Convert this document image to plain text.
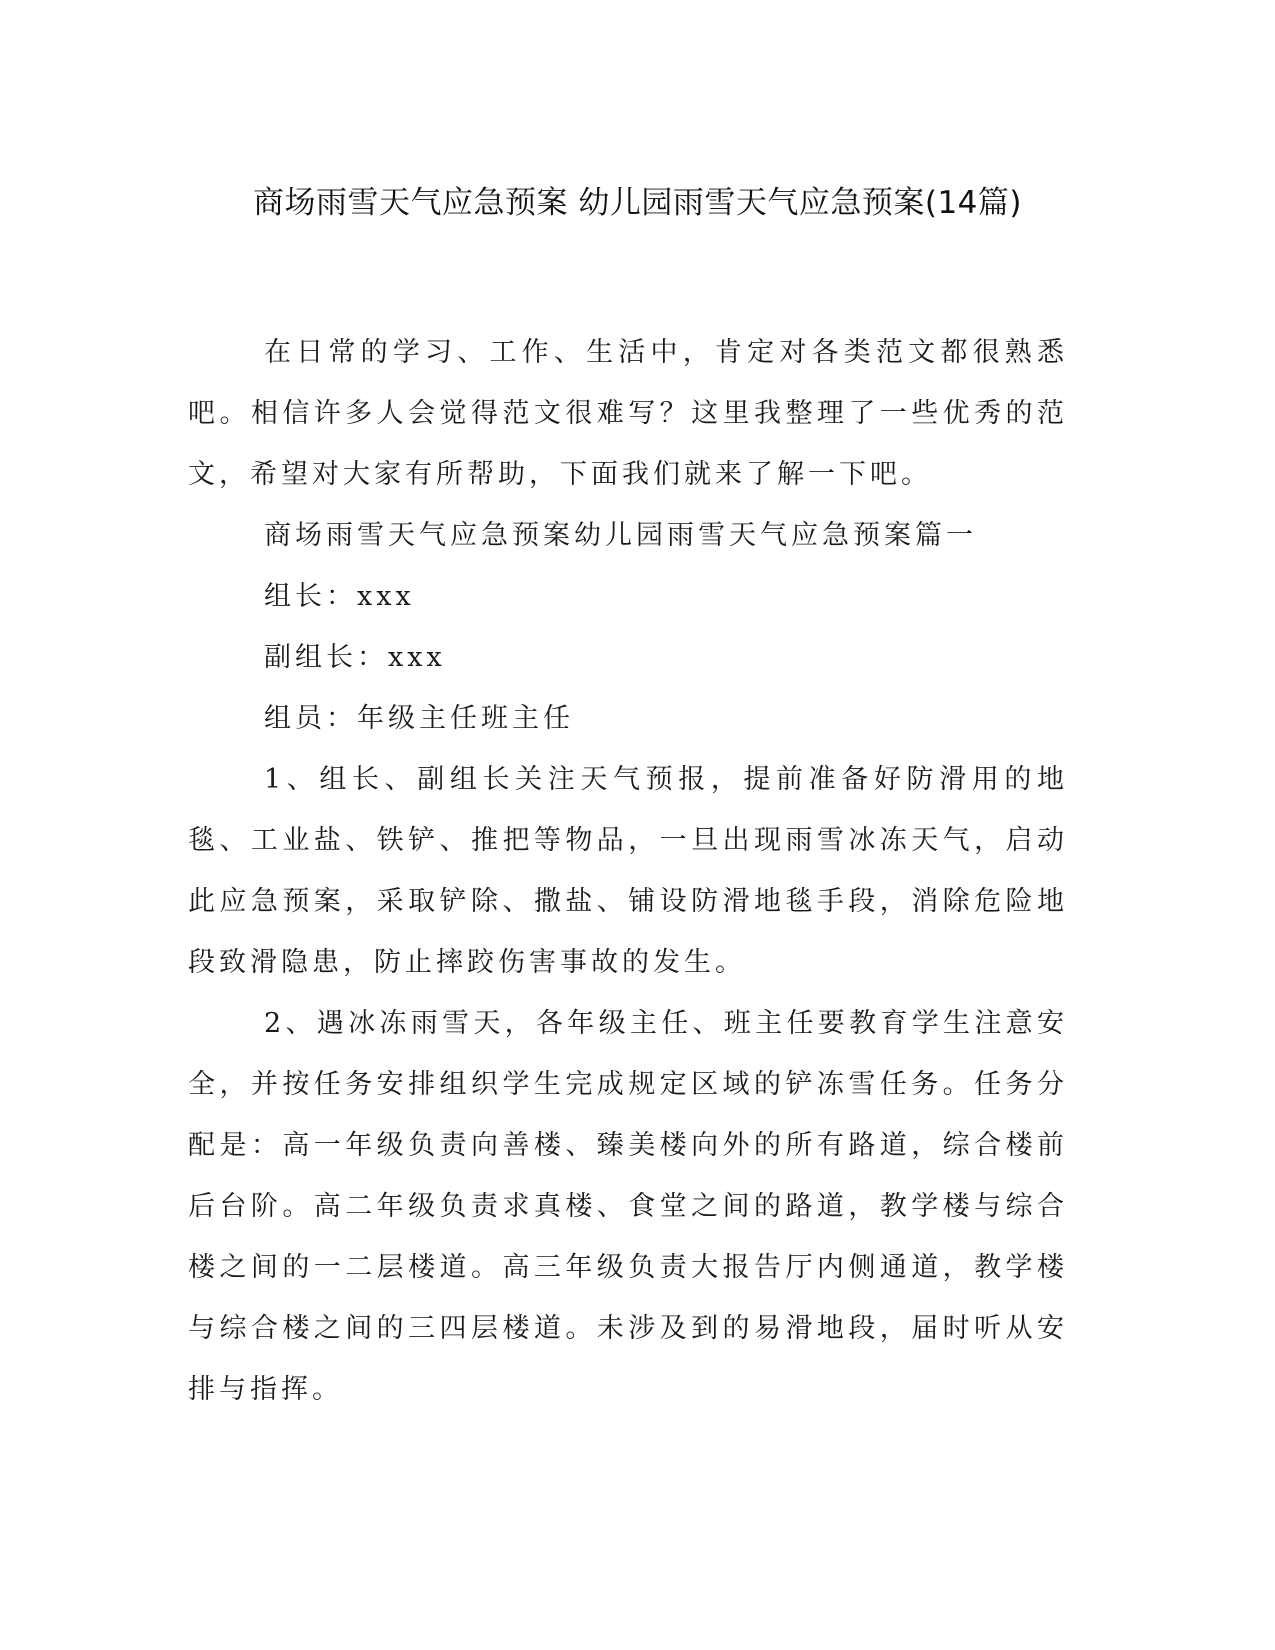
商场雨雪天气应急预案 幼儿园雨雪天气应急预案(14篇)

在日常的学习、工作、生活中，肯定对各类范文都很熟悉吧。相信许多人会觉得范文很难写？这里我整理了一些优秀的范文，希望对大家有所帮助，下面我们就来了解一下吧。

商场雨雪天气应急预案幼儿园雨雪天气应急预案篇一

组长：xxx

副组长：xxx

组员：年级主任班主任

1、组长、副组长关注天气预报，提前准备好防滑用的地毯、工业盐、铁铲、推把等物品，一旦出现雨雪冰冻天气，启动此应急预案，采取铲除、撒盐、铺设防滑地毯手段，消除危险地段致滑隐患，防止摔跤伤害事故的发生。

2、遇冰冻雨雪天，各年级主任、班主任要教育学生注意安全，并按任务安排组织学生完成规定区域的铲冻雪任务。任务分配是：高一年级负责向善楼、臻美楼向外的所有路道，综合楼前后台阶。高二年级负责求真楼、食堂之间的路道，教学楼与综合楼之间的一二层楼道。高三年级负责大报告厅内侧通道，教学楼与综合楼之间的三四层楼道。未涉及到的易滑地段，届时听从安排与指挥。
